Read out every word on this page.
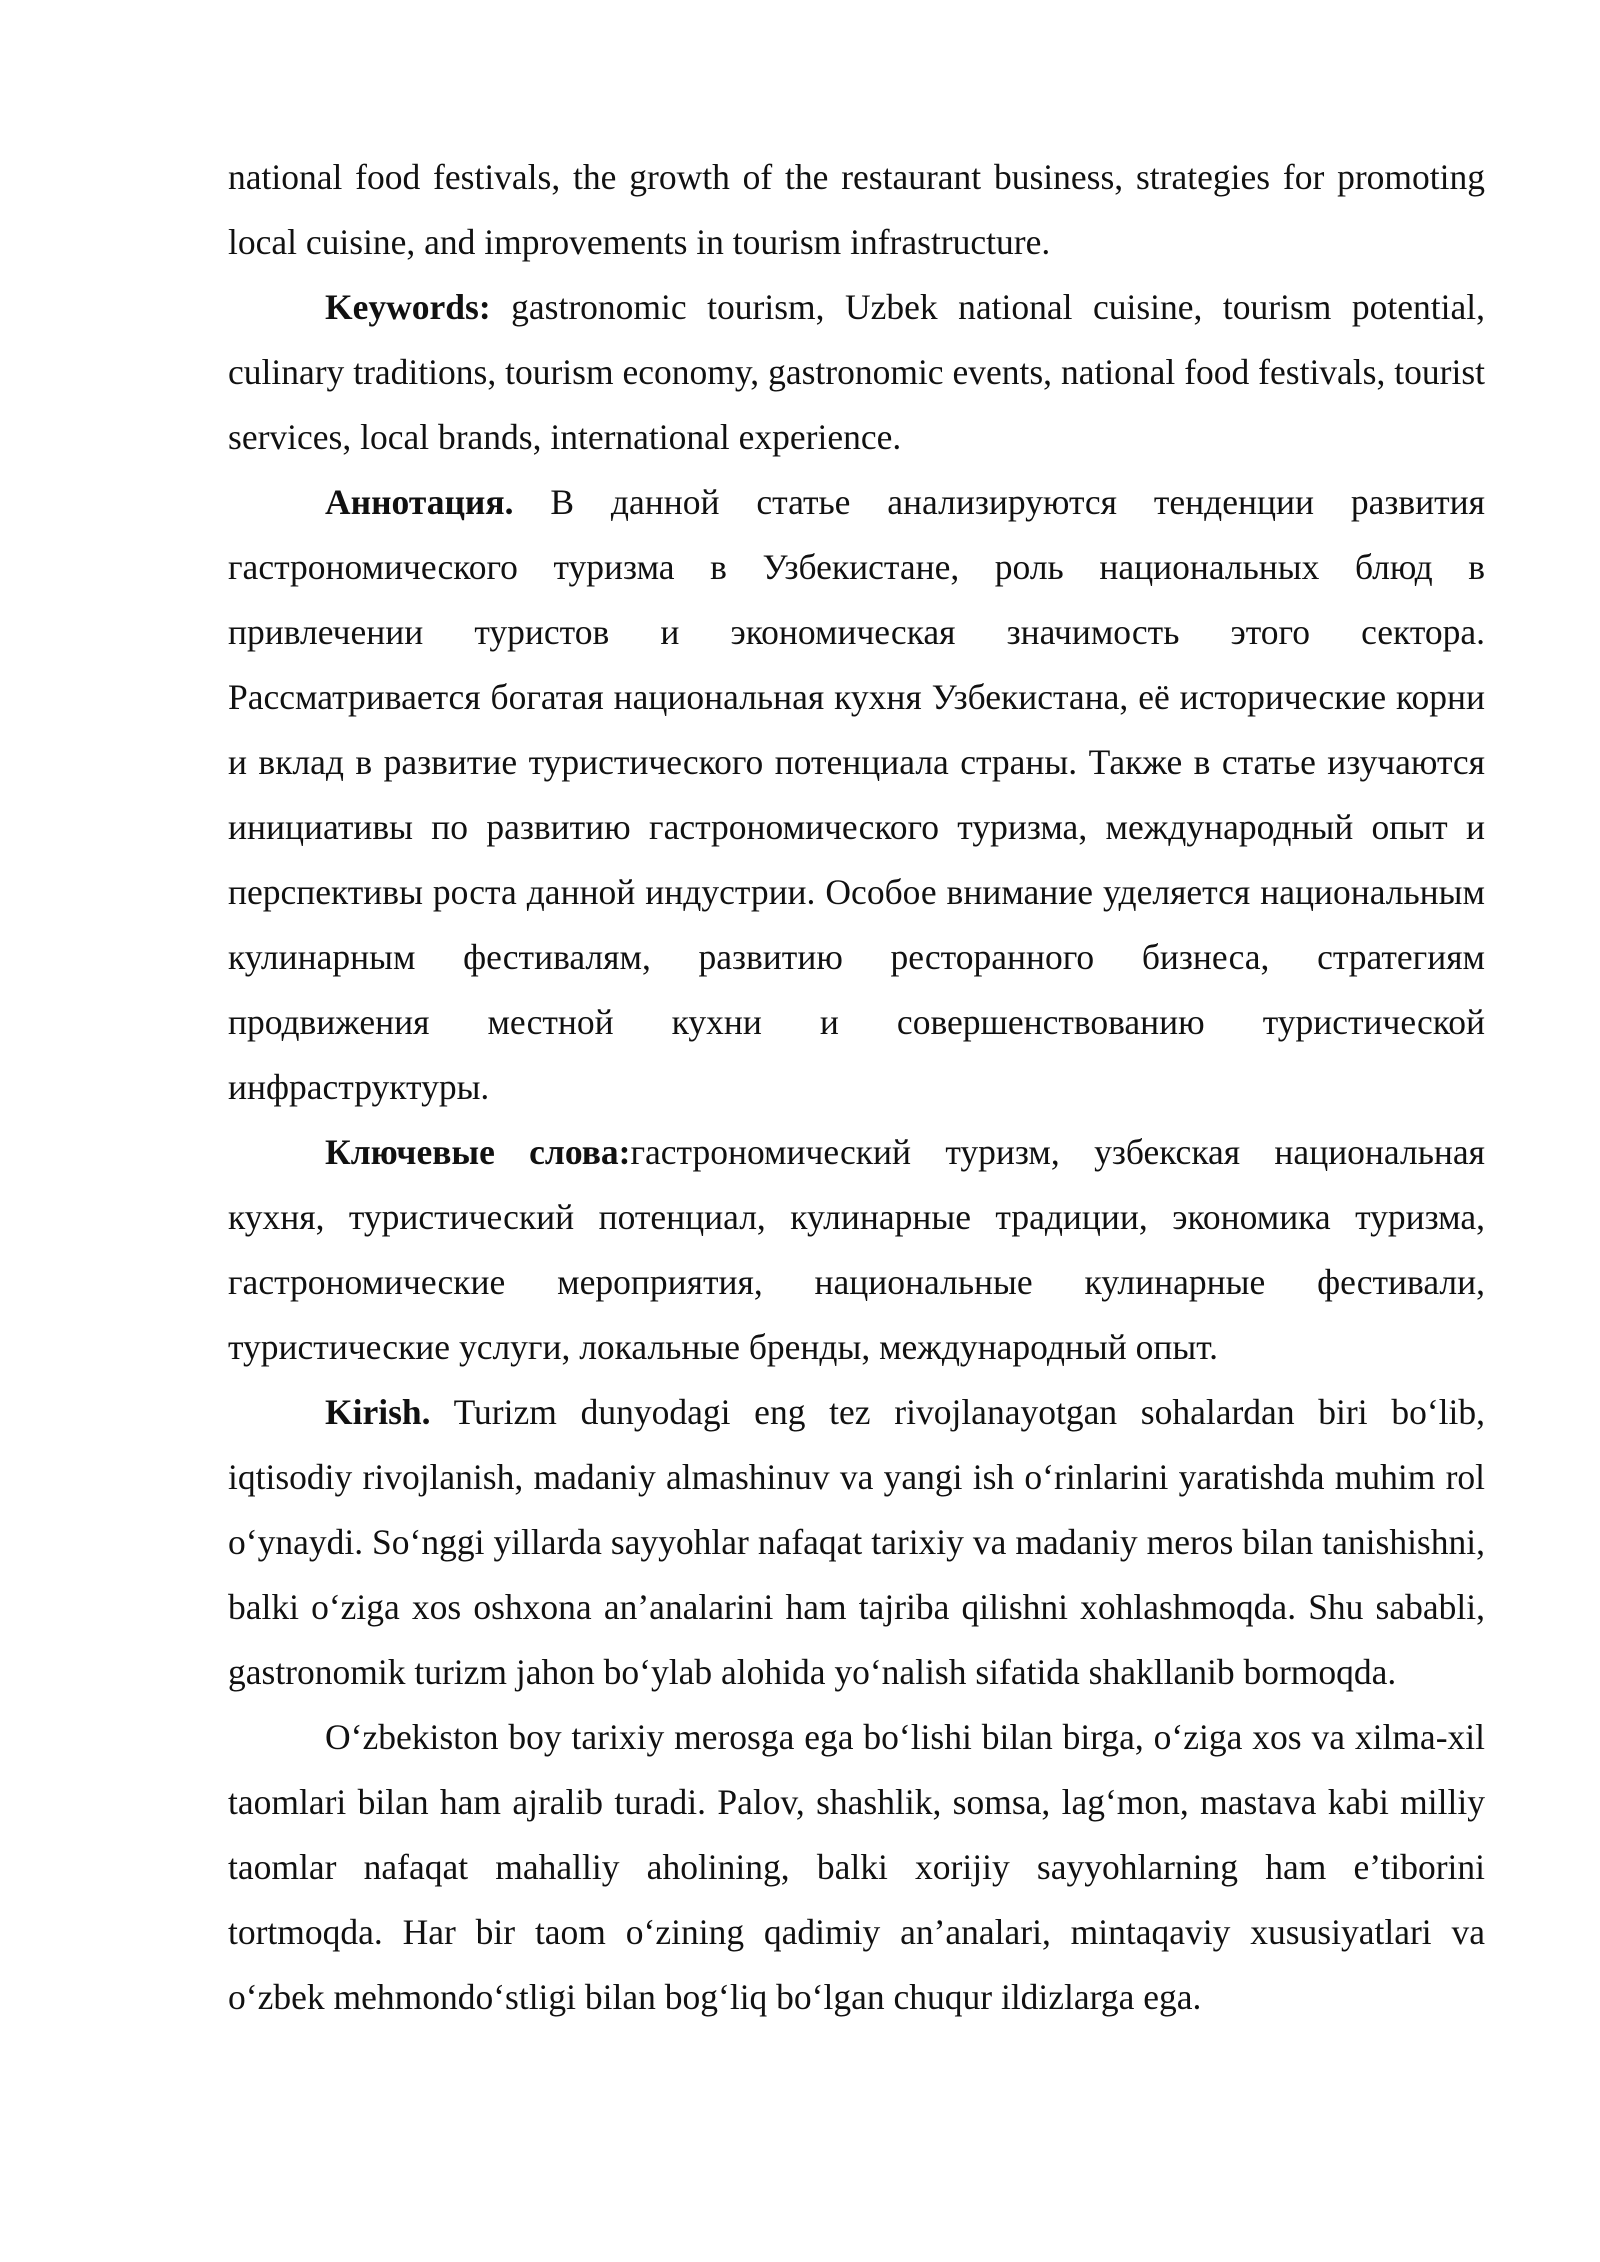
national food festivals, the growth of the restaurant business, strategies for promoting local cuisine, and improvements in tourism infrastructure.

Keywords: gastronomic tourism, Uzbek national cuisine, tourism potential, culinary traditions, tourism economy, gastronomic events, national food festivals, tourist services, local brands, international experience.

Аннотация. В данной статье анализируются тенденции развития гастрономического туризма в Узбекистане, роль национальных блюд в привлечении туристов и экономическая значимость этого сектора. Рассматривается богатая национальная кухня Узбекистана, её исторические корни и вклад в развитие туристического потенциала страны. Также в статье изучаются инициативы по развитию гастрономического туризма, международный опыт и перспективы роста данной индустрии. Особое внимание уделяется национальным кулинарным фестивалям, развитию ресторанного бизнеса, стратегиям продвижения местной кухни и совершенствованию туристической инфраструктуры.

Ключевые слова:гастрономический туризм, узбекская национальная кухня, туристический потенциал, кулинарные традиции, экономика туризма, гастрономические мероприятия, национальные кулинарные фестивали, туристические услуги, локальные бренды, международный опыт.

Kirish. Turizm dunyodagi eng tez rivojlanayotgan sohalardan biri bo‘lib, iqtisodiy rivojlanish, madaniy almashinuv va yangi ish o‘rinlarini yaratishda muhim rol o‘ynaydi. So‘nggi yillarda sayyohlar nafaqat tarixiy va madaniy meros bilan tanishishni, balki o‘ziga xos oshxona an’analarini ham tajriba qilishni xohlashmoqda. Shu sababli, gastronomik turizm jahon bo‘ylab alohida yo‘nalish sifatida shakllanib bormoqda.

O‘zbekiston boy tarixiy merosga ega bo‘lishi bilan birga, o‘ziga xos va xilma-xil taomlari bilan ham ajralib turadi. Palov, shashlik, somsa, lag‘mon, mastava kabi milliy taomlar nafaqat mahalliy aholining, balki xorijiy sayyohlarning ham e’tiborini tortmoqda. Har bir taom o‘zining qadimiy an’analari, mintaqaviy xususiyatlari va o‘zbek mehmondo‘stligi bilan bog‘liq bo‘lgan chuqur ildizlarga ega.
